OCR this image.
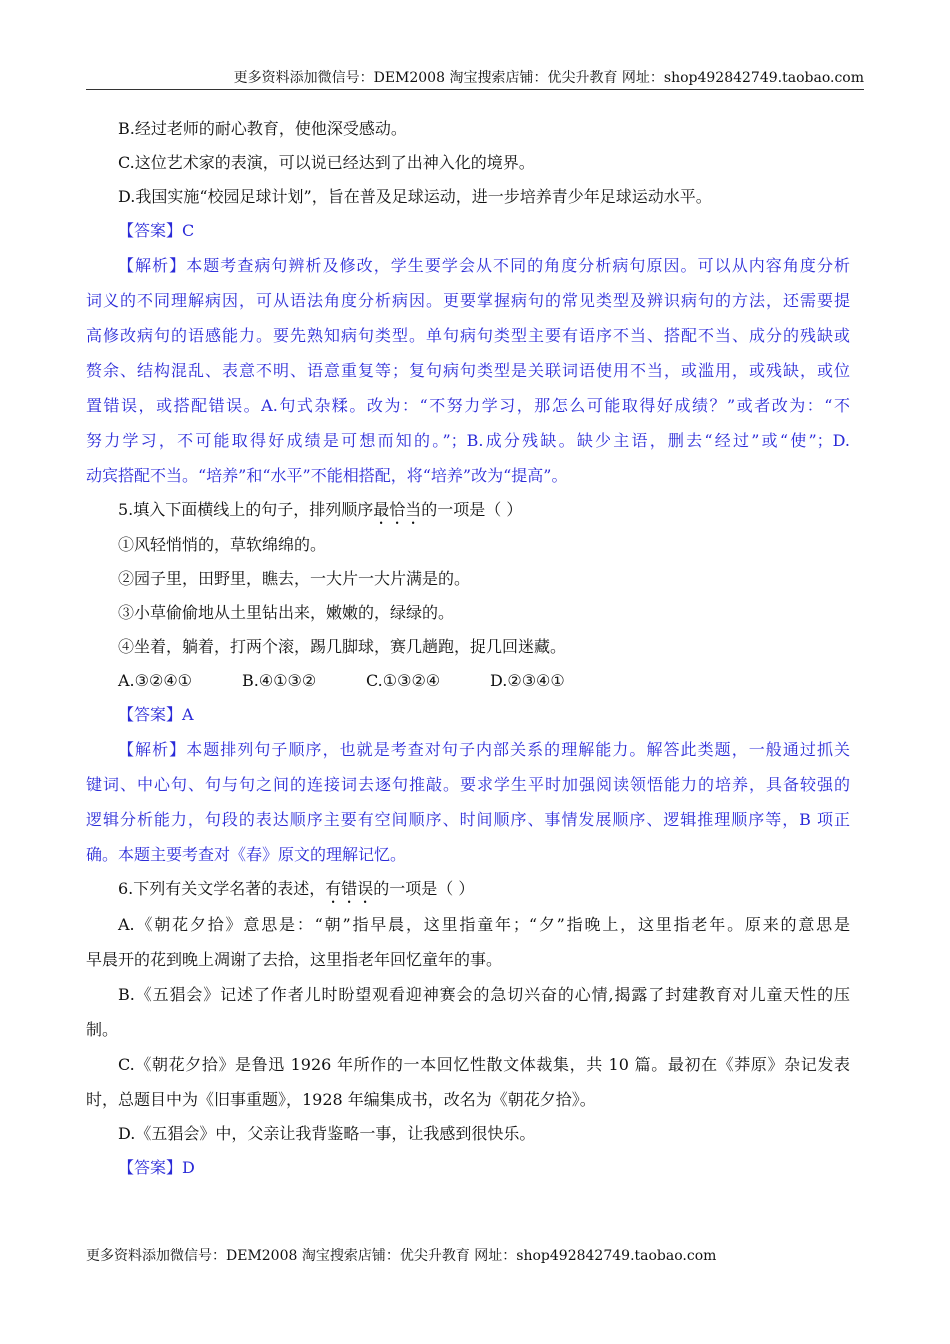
更多资料添加微信号：DEM2008 淘宝搜索店铺：优尖升教育 网址：shop492842749.taobao.com
B.经过老师的耐心教育，使他深受感动。
C.这位艺术家的表演，可以说已经达到了出神入化的境界。
D.我国实施“校园足球计划”，旨在普及足球运动，进一步培养青少年足球运动水平。
【答案】C
【解析】本题考查病句辨析及修改，学生要学会从不同的角度分析病句原因。可以从内容角度分析
词义的不同理解病因，可从语法角度分析病因。更要掌握病句的常见类型及辨识病句的方法，还需要提
高修改病句的语感能力。要先熟知病句类型。单句病句类型主要有语序不当、搭配不当、成分的残缺或
赘余、结构混乱、表意不明、语意重复等；复句病句类型是关联词语使用不当，或滥用，或残缺，或位
置错误，或搭配错误。A.句式杂糅。改为：“不努力学习，那怎么可能取得好成绩？”或者改为：“不
努力学习，不可能取得好成绩是可想而知的。”；B.成分残缺。缺少主语，删去“经过”或“使”；D.
动宾搭配不当。“培养”和“水平”不能相搭配，将“培养”改为“提高”。
5.填入下面横线上的句子，排列顺序最恰当的一项是（ ）
①风轻悄悄的，草软绵绵的。
②园子里，田野里，瞧去，一大片一大片满是的。
③小草偷偷地从土里钻出来，嫩嫩的，绿绿的。
④坐着，躺着，打两个滚，踢几脚球，赛几趟跑，捉几回迷藏。
A.③②④①	B.④①③②	C.①③②④	D.②③④①
【答案】A
【解析】本题排列句子顺序，也就是考查对句子内部关系的理解能力。解答此类题，一般通过抓关
键词、中心句、句与句之间的连接词去逐句推敲。要求学生平时加强阅读领悟能力的培养，具备较强的
逻辑分析能力，句段的表达顺序主要有空间顺序、时间顺序、事情发展顺序、逻辑推理顺序等，B 项正
确。本题主要考查对《春》原文的理解记忆。
6.下列有关文学名著的表述，有错误的一项是（ ）
A.《朝花夕拾》意思是：“朝”指早晨，这里指童年；“夕”指晚上，这里指老年。原来的意思是
早晨开的花到晚上凋谢了去拾，这里指老年回忆童年的事。
B.《五猖会》记述了作者儿时盼望观看迎神赛会的急切兴奋的心情,揭露了封建教育对儿童天性的压
制。
C.《朝花夕拾》是鲁迅 1926 年所作的一本回忆性散文体裁集，共 10 篇。最初在《莽原》杂记发表
时，总题目中为《旧事重题》，1928 年编集成书，改名为《朝花夕拾》。
D.《五猖会》中，父亲让我背鉴略一事，让我感到很快乐。
【答案】D
更多资料添加微信号：DEM2008 淘宝搜索店铺：优尖升教育 网址：shop492842749.taobao.com
